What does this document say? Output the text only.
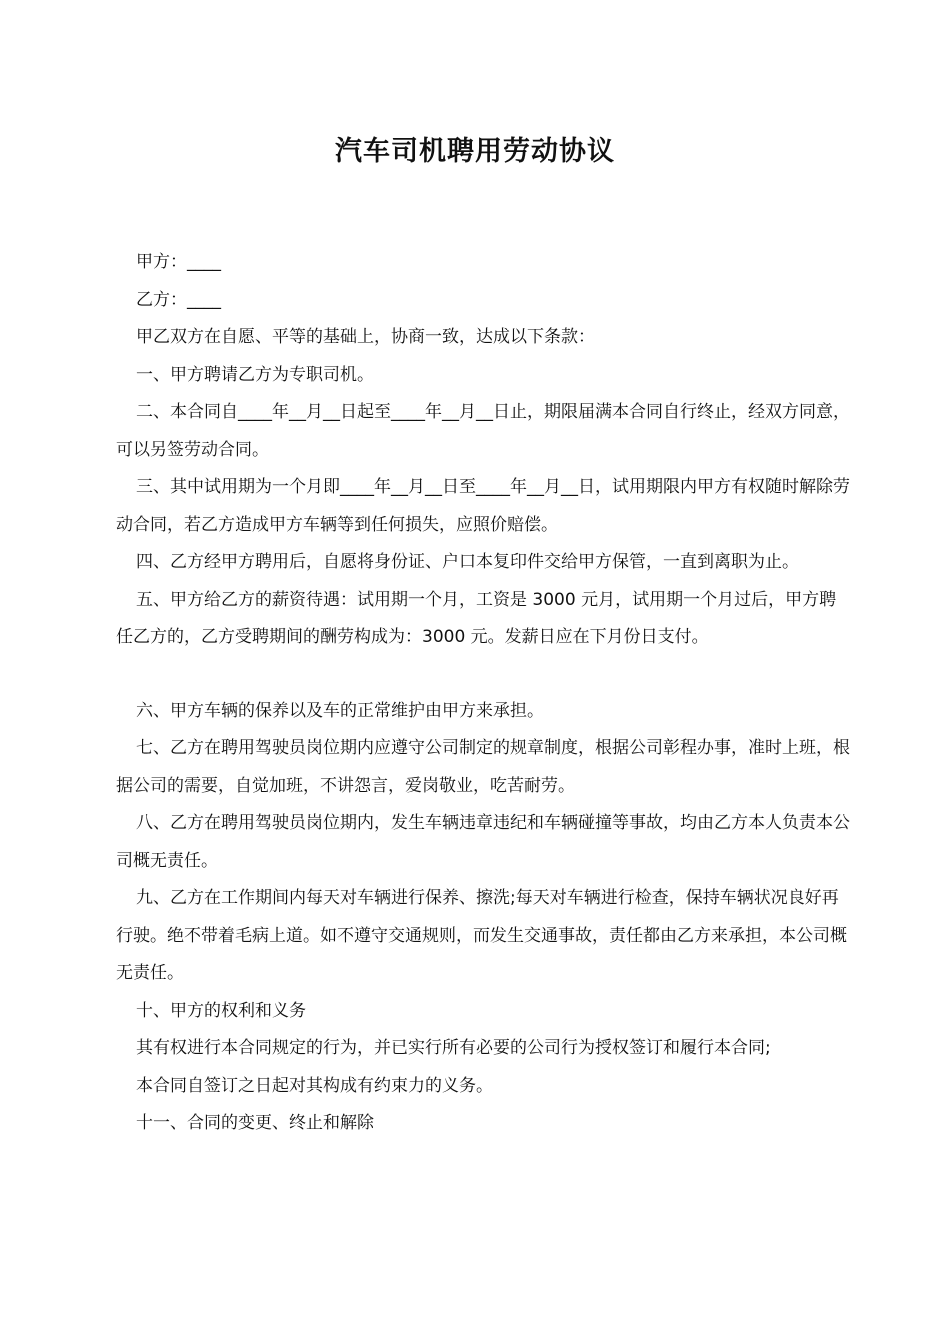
汽车司机聘用劳动协议

甲方：____

乙方：____

甲乙双方在自愿、平等的基础上，协商一致，达成以下条款：

一、甲方聘请乙方为专职司机。

二、本合同自____年__月__日起至____年__月__日止，期限届满本合同自行终止，经双方同意，可以另签劳动合同。

三、其中试用期为一个月即____年__月__日至____年__月__日，试用期限内甲方有权随时解除劳动合同，若乙方造成甲方车辆等到任何损失，应照价赔偿。

四、乙方经甲方聘用后，自愿将身份证、户口本复印件交给甲方保管，一直到离职为止。

五、甲方给乙方的薪资待遇：试用期一个月，工资是 3000 元月，试用期一个月过后，甲方聘任乙方的，乙方受聘期间的酬劳构成为：3000 元。发薪日应在下月份日支付。

六、甲方车辆的保养以及车的正常维护由甲方来承担。

七、乙方在聘用驾驶员岗位期内应遵守公司制定的规章制度，根据公司彰程办事，准时上班，根据公司的需要，自觉加班，不讲怨言，爱岗敬业，吃苦耐劳。

八、乙方在聘用驾驶员岗位期内，发生车辆违章违纪和车辆碰撞等事故，均由乙方本人负责本公司概无责任。

九、乙方在工作期间内每天对车辆进行保养、擦洗;每天对车辆进行检查，保持车辆状况良好再行驶。绝不带着毛病上道。如不遵守交通规则，而发生交通事故，责任都由乙方来承担，本公司概无责任。

十、甲方的权利和义务

其有权进行本合同规定的行为，并已实行所有必要的公司行为授权签订和履行本合同;

本合同自签订之日起对其构成有约束力的义务。

十一、合同的变更、终止和解除
